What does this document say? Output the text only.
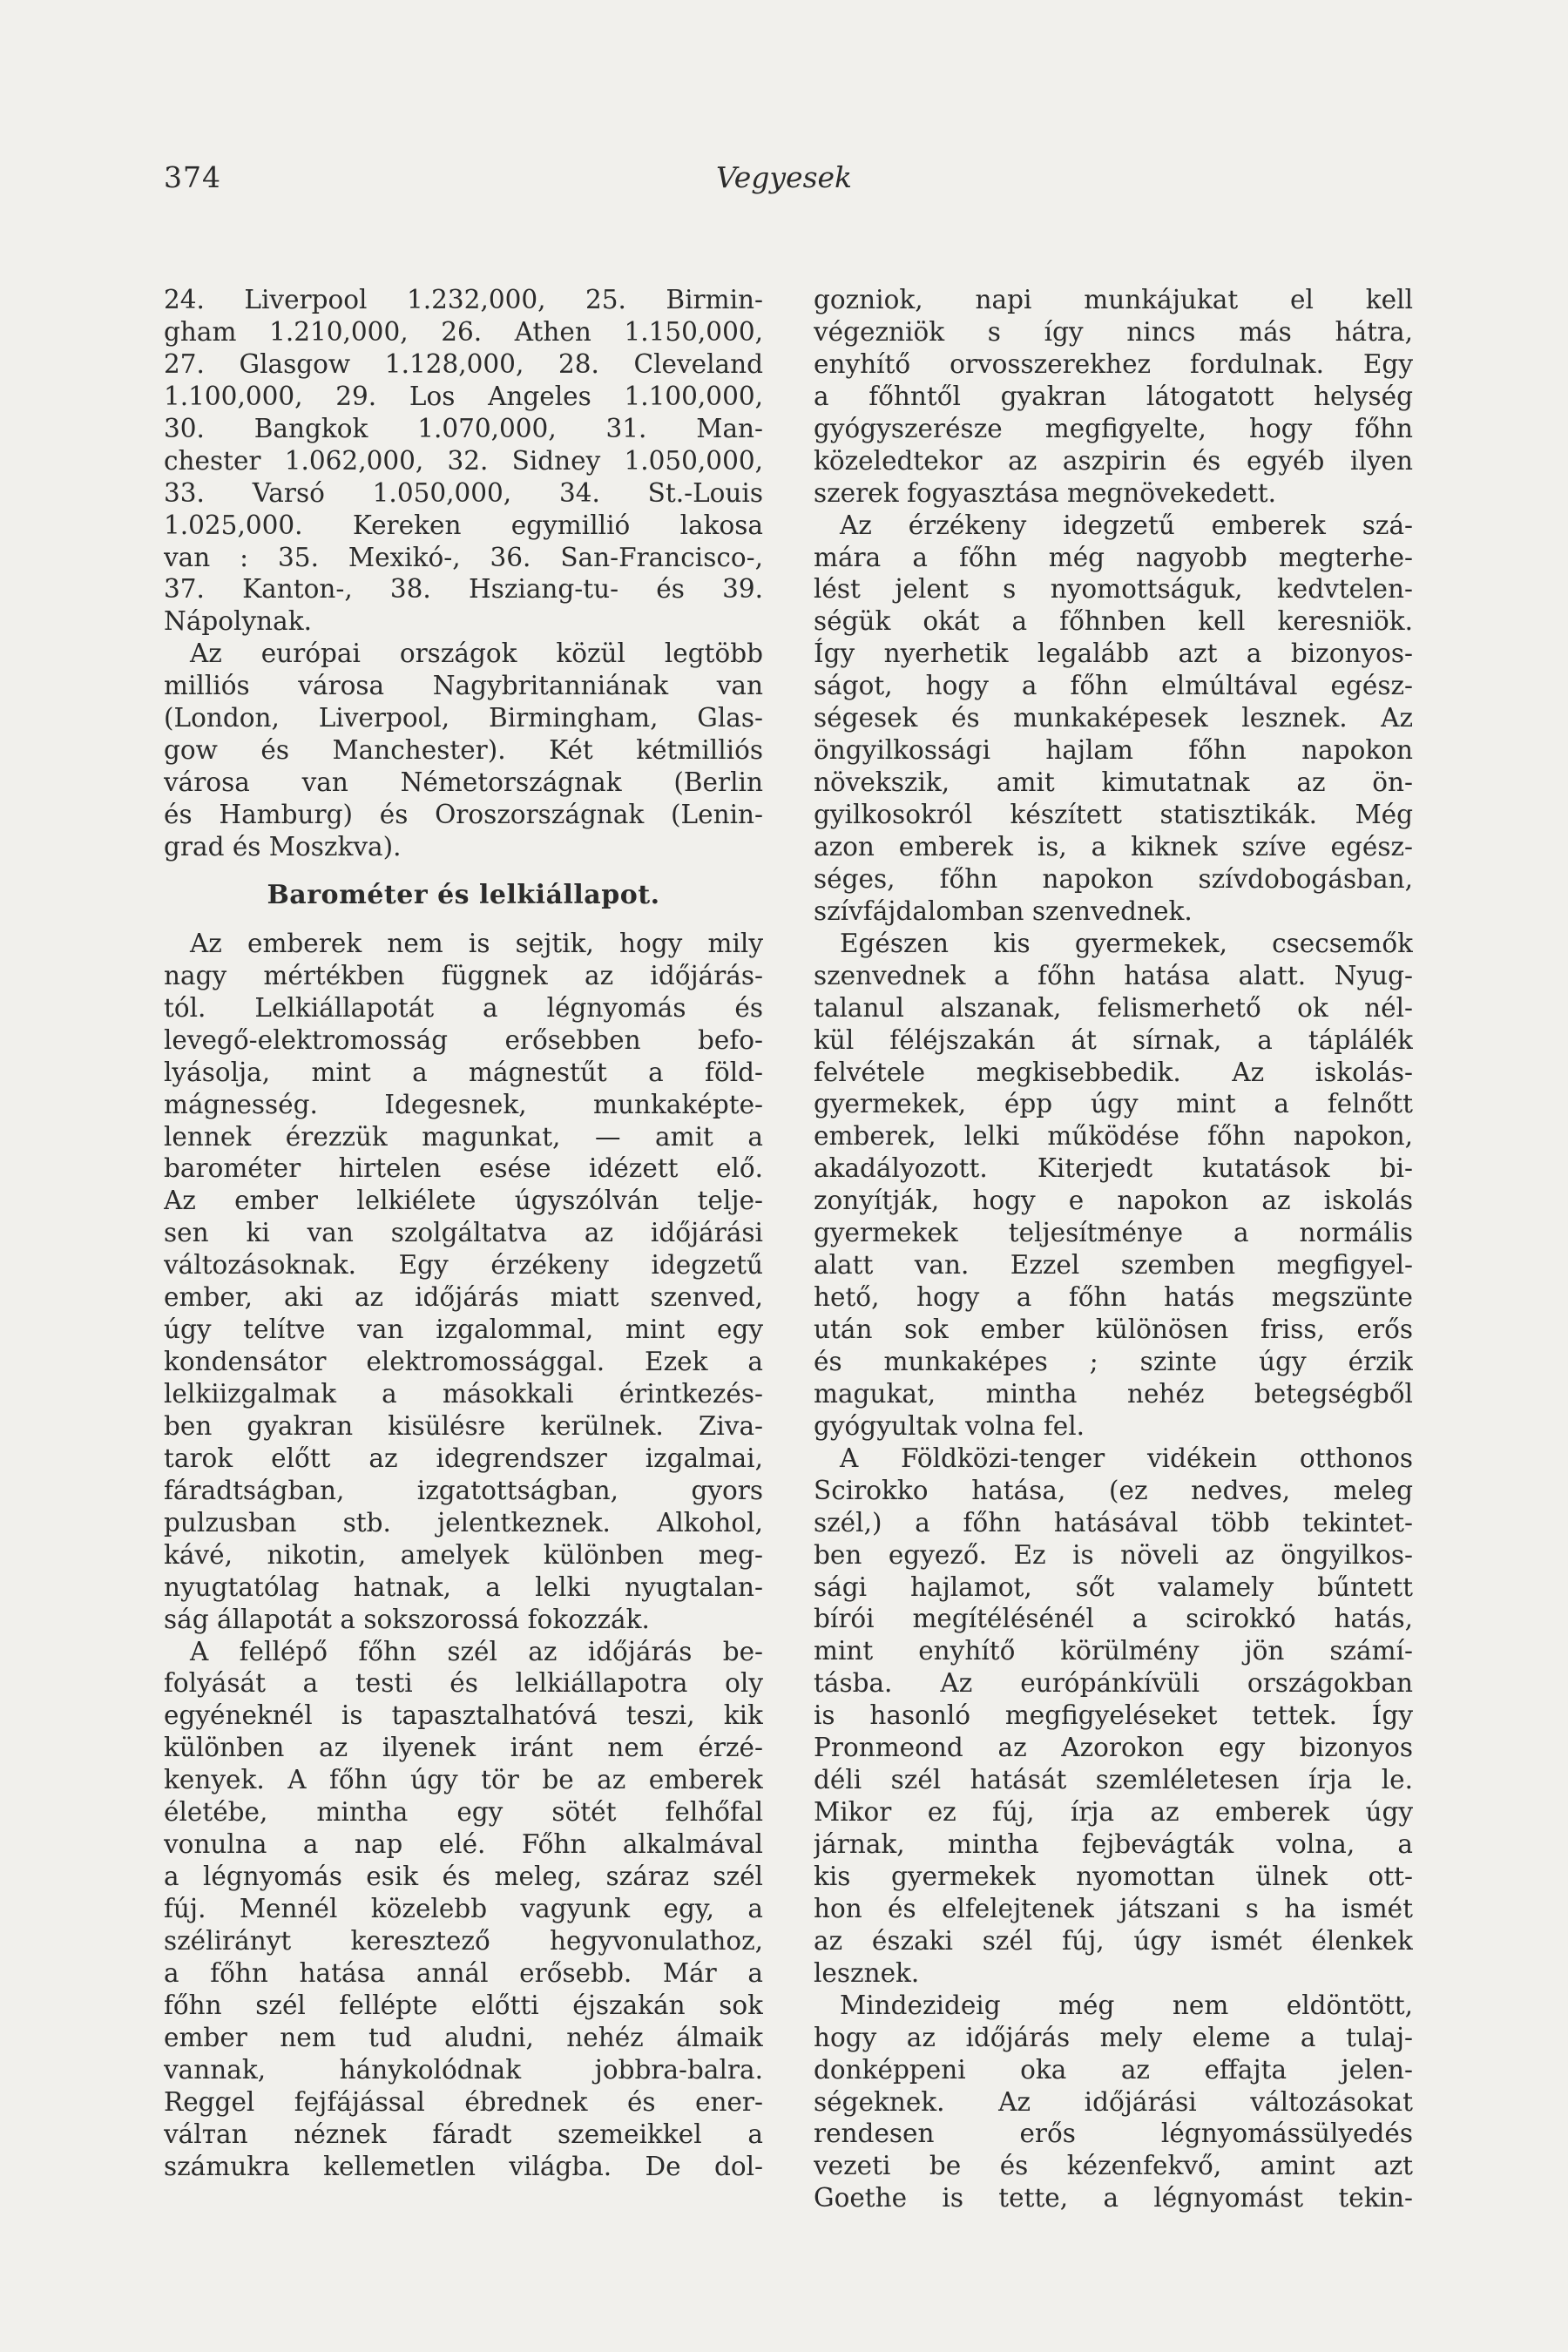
374	Vegyesek
24. Liverpool 1.232,000, 25. Birmin-
gham 1.210,000, 26. Athen 1.150,000,
27. Glasgow 1.128,000, 28. Cleveland
1.100,000, 29. Los Angeles 1.100,000,
30. Bangkok 1.070,000, 31. Man-
chester 1.062,000, 32. Sidney 1.050,000,
33. Varsó 1.050,000, 34. St.-Louis
1.025,000. Kereken egymillió lakosa
van : 35. Mexikó-, 36. San-Francisco-,
37. Kanton-, 38. Hsziang-tu- és 39.
Nápolynak.
Az európai országok közül legtöbb
milliós városa Nagybritanniának van
(London, Liverpool, Birmingham, Glas-
gow és Manchester). Két kétmilliós
városa van Németországnak (Berlin
és Hamburg) és Oroszországnak (Lenin-
grad és Moszkva).
Barométer és lelkiállapot.
Az emberek nem is sejtik, hogy mily
nagy mértékben függnek az időjárás-
tól. Lelkiállapotát a légnyomás és
levegő-elektromosság erősebben befo-
lyásolja, mint a mágnestűt a föld-
mágnesség. Idegesnek, munkaképte-
lennek érezzük magunkat, — amit a
barométer hirtelen esése idézett elő.
Az ember lelkiélete úgyszólván telje-
sen ki van szolgáltatva az időjárási
változásoknak. Egy érzékeny idegzetű
ember, aki az időjárás miatt szenved,
úgy telítve van izgalommal, mint egy
kondensátor elektromossággal. Ezek a
lelkiizgalmak a másokkali érintkezés-
ben gyakran kisülésre kerülnek. Ziva-
tarok előtt az idegrendszer izgalmai,
fáradtságban, izgatottságban, gyors
pulzusban stb. jelentkeznek. Alkohol,
kávé, nikotin, amelyek különben meg-
nyugtatólag hatnak, a lelki nyugtalan-
ság állapotát a sokszorossá fokozzák.
A fellépő főhn szél az időjárás be-
folyását a testi és lelkiállapotra oly
egyéneknél is tapasztalhatóvá teszi, kik
különben az ilyenek iránt nem érzé-
kenyek. A főhn úgy tör be az emberek
életébe, mintha egy sötét felhőfal
vonulna a nap elé. Főhn alkalmával
a légnyomás esik és meleg, száraz szél
fúj. Mennél közelebb vagyunk egy, a
szélirányt keresztező hegyvonulathoz,
a főhn hatása annál erősebb. Már a
főhn szél fellépte előtti éjszakán sok
ember nem tud aludni, nehéz álmaik
vannak, hánykolódnak jobbra-balra.
Reggel fejfájással ébrednek és ener-
válтan néznek fáradt szemeikkel a
számukra kellemetlen világba. De dol-
gozniok, napi munkájukat el kell
végezniök s így nincs más hátra,
enyhítő orvosszerekhez fordulnak. Egy
a főhntől gyakran látogatott helység
gyógyszerésze megfigyelte, hogy főhn
közeledtekor az aszpirin és egyéb ilyen
szerek fogyasztása megnövekedett.
Az érzékeny idegzetű emberek szá-
mára a főhn még nagyobb megterhe-
lést jelent s nyomottságuk, kedvtelen-
ségük okát a főhnben kell keresniök.
Így nyerhetik legalább azt a bizonyos-
ságot, hogy a főhn elmúltával egész-
ségesek és munkaképesek lesznek. Az
öngyilkossági hajlam főhn napokon
növekszik, amit kimutatnak az ön-
gyilkosokról készített statisztikák. Még
azon emberek is, a kiknek szíve egész-
séges, főhn napokon szívdobogásban,
szívfájdalomban szenvednek.
Egészen kis gyermekek, csecsemők
szenvednek a főhn hatása alatt. Nyug-
talanul alszanak, felismerhető ok nél-
kül féléjszakán át sírnak, a táplálék
felvétele megkisebbedik. Az iskolás-
gyermekek, épp úgy mint a felnőtt
emberek, lelki működése főhn napokon,
akadályozott. Kiterjedt kutatások bi-
zonyítják, hogy e napokon az iskolás
gyermekek teljesítménye a normális
alatt van. Ezzel szemben megfigyel-
hető, hogy a főhn hatás megszünte
után sok ember különösen friss, erős
és munkaképes ; szinte úgy érzik
magukat, mintha nehéz betegségből
gyógyultak volna fel.
A Földközi-tenger vidékein otthonos
Scirokko hatása, (ez nedves, meleg
szél,) a főhn hatásával több tekintet-
ben egyező. Ez is növeli az öngyilkos-
sági hajlamot, sőt valamely bűntett
bírói megítélésénél a scirokkó hatás,
mint enyhítő körülmény jön számí-
tásba. Az európánkívüli országokban
is hasonló megfigyeléseket tettek. Így
Pronmeond az Azorokon egy bizonyos
déli szél hatását szemléletesen írja le.
Mikor ez fúj, írja az emberek úgy
járnak, mintha fejbevágták volna, a
kis gyermekek nyomottan ülnek ott-
hon és elfelejtenek játszani s ha ismét
az északi szél fúj, úgy ismét élenkek
lesznek.
Mindezideig még nem eldöntött,
hogy az időjárás mely eleme a tulaj-
donképpeni oka az effajta jelen-
ségeknek. Az időjárási változásokat
rendesen erős légnyomássülyedés
vezeti be és kézenfekvő, amint azt
Goethe is tette, a légnyomást tekin-
